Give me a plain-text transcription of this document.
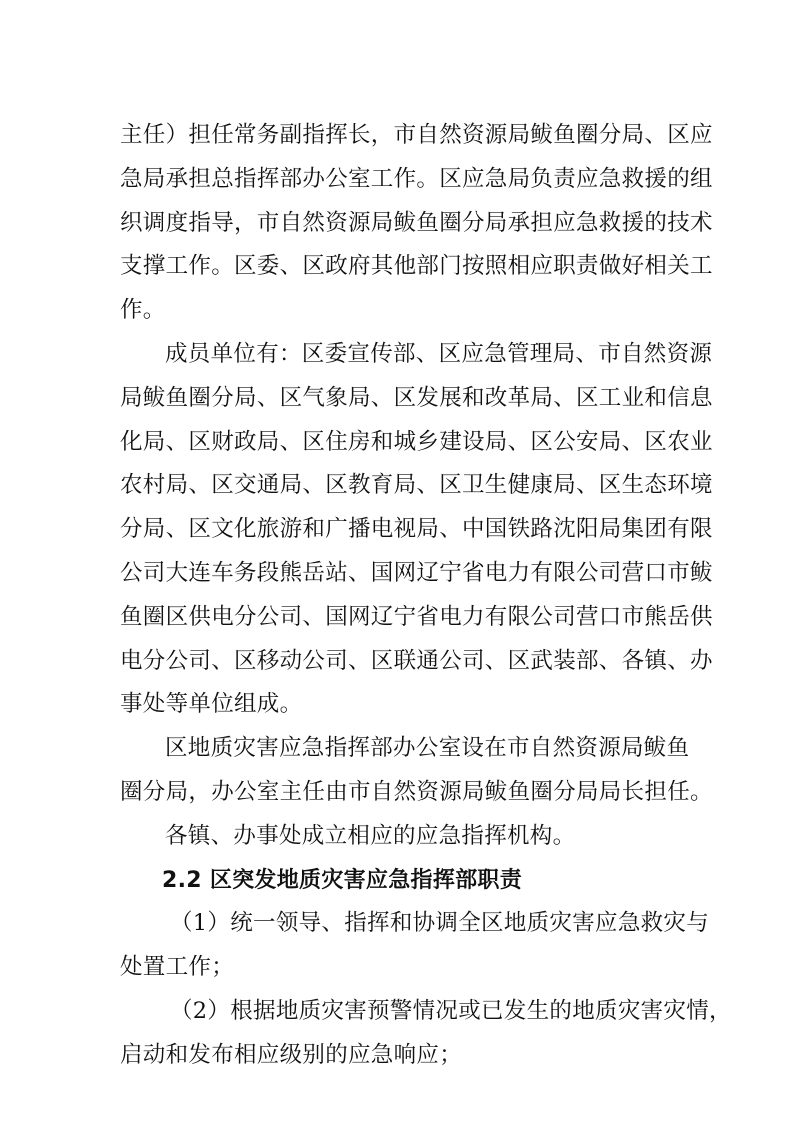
主任）担任常务副指挥长，市自然资源局鲅鱼圈分局、区应
急局承担总指挥部办公室工作。区应急局负责应急救援的组
织调度指导，市自然资源局鲅鱼圈分局承担应急救援的技术
支撑工作。区委、区政府其他部门按照相应职责做好相关工
作。
成员单位有：区委宣传部、区应急管理局、市自然资源
局鲅鱼圈分局、区气象局、区发展和改革局、区工业和信息
化局、区财政局、区住房和城乡建设局、区公安局、区农业
农村局、区交通局、区教育局、区卫生健康局、区生态环境
分局、区文化旅游和广播电视局、中国铁路沈阳局集团有限
公司大连车务段熊岳站、国网辽宁省电力有限公司营口市鲅
鱼圈区供电分公司、国网辽宁省电力有限公司营口市熊岳供
电分公司、区移动公司、区联通公司、区武装部、各镇、办
事处等单位组成。
区地质灾害应急指挥部办公室设在市自然资源局鲅鱼
圈分局，办公室主任由市自然资源局鲅鱼圈分局局长担任。
各镇、办事处成立相应的应急指挥机构。
2.2 区突发地质灾害应急指挥部职责
（1）统一领导、指挥和协调全区地质灾害应急救灾与
处置工作；
（2）根据地质灾害预警情况或已发生的地质灾害灾情，
启动和发布相应级别的应急响应；
